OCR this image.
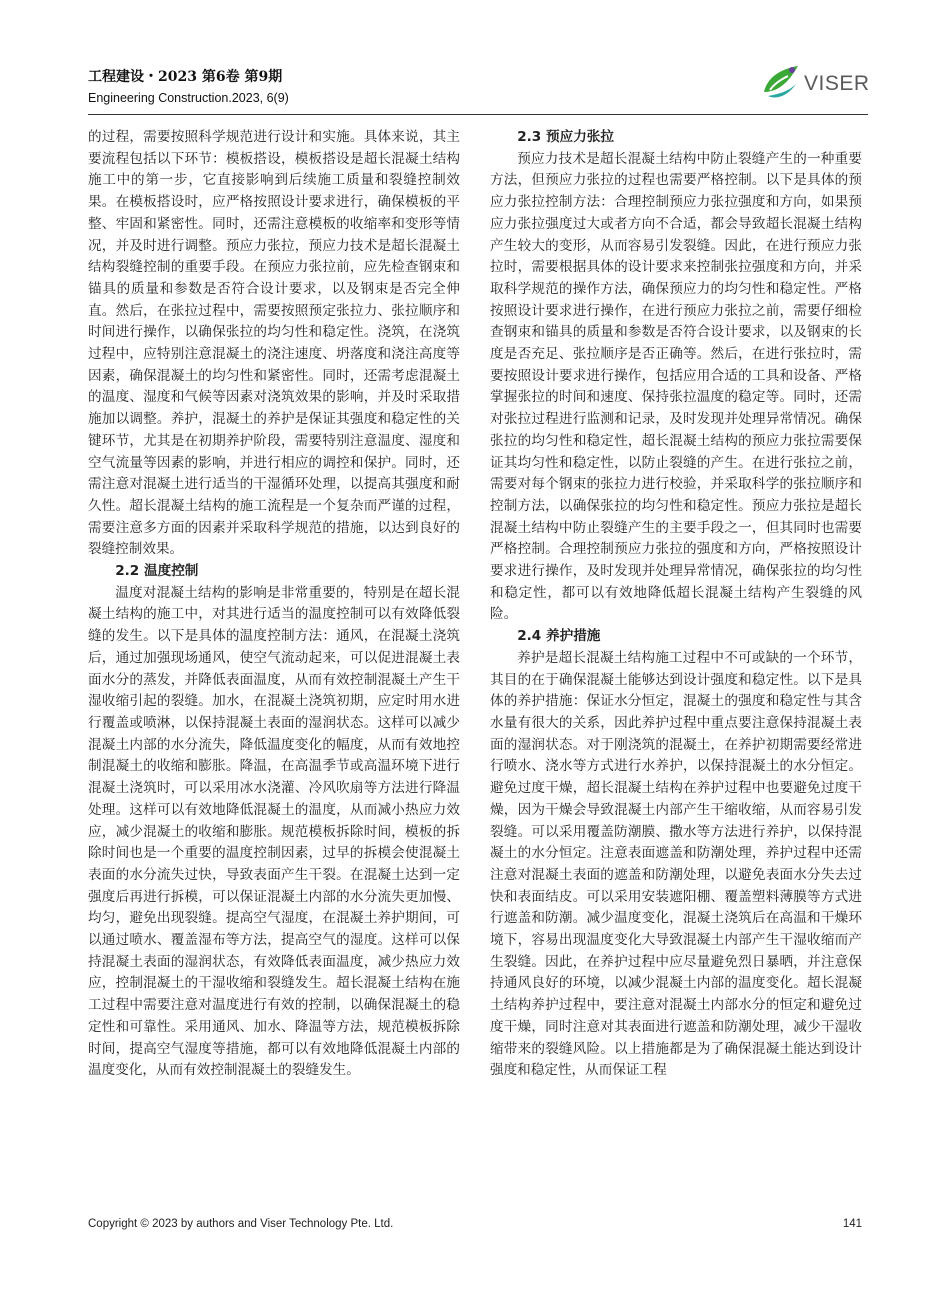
工程建设・2023 第6卷 第9期
Engineering Construction.2023, 6(9)
VISER

的过程，需要按照科学规范进行设计和实施。具体来说，其主要流程包括以下环节：模板搭设，模板搭设是超长混凝土结构施工中的第一步，它直接影响到后续施工质量和裂缝控制效果。在模板搭设时，应严格按照设计要求进行，确保模板的平整、牢固和紧密性。同时，还需注意模板的收缩率和变形等情况，并及时进行调整。预应力张拉，预应力技术是超长混凝土结构裂缝控制的重要手段。在预应力张拉前，应先检查钢束和锚具的质量和参数是否符合设计要求，以及钢束是否完全伸直。然后，在张拉过程中，需要按照预定张拉力、张拉顺序和时间进行操作，以确保张拉的均匀性和稳定性。浇筑，在浇筑过程中，应特别注意混凝土的浇注速度、坍落度和浇注高度等因素，确保混凝土的均匀性和紧密性。同时，还需考虑混凝土的温度、湿度和气候等因素对浇筑效果的影响，并及时采取措施加以调整。养护，混凝土的养护是保证其强度和稳定性的关键环节，尤其是在初期养护阶段，需要特别注意温度、湿度和空气流量等因素的影响，并进行相应的调控和保护。同时，还需注意对混凝土进行适当的干湿循环处理，以提高其强度和耐久性。超长混凝土结构的施工流程是一个复杂而严谨的过程，需要注意多方面的因素并采取科学规范的措施，以达到良好的裂缝控制效果。

2.2 温度控制

温度对混凝土结构的影响是非常重要的，特别是在超长混凝土结构的施工中，对其进行适当的温度控制可以有效降低裂缝的发生。以下是具体的温度控制方法：通风，在混凝土浇筑后，通过加强现场通风，使空气流动起来，可以促进混凝土表面水分的蒸发，并降低表面温度，从而有效控制混凝土产生干湿收缩引起的裂缝。加水，在混凝土浇筑初期，应定时用水进行覆盖或喷淋，以保持混凝土表面的湿润状态。这样可以减少混凝土内部的水分流失，降低温度变化的幅度，从而有效地控制混凝土的收缩和膨胀。降温，在高温季节或高温环境下进行混凝土浇筑时，可以采用冰水浇灌、冷风吹扇等方法进行降温处理。这样可以有效地降低混凝土的温度，从而减小热应力效应，减少混凝土的收缩和膨胀。规范模板拆除时间，模板的拆除时间也是一个重要的温度控制因素，过早的拆模会使混凝土表面的水分流失过快，导致表面产生干裂。在混凝土达到一定强度后再进行拆模，可以保证混凝土内部的水分流失更加慢、均匀，避免出现裂缝。提高空气湿度，在混凝土养护期间，可以通过喷水、覆盖湿布等方法，提高空气的湿度。这样可以保持混凝土表面的湿润状态，有效降低表面温度，减少热应力效应，控制混凝土的干湿收缩和裂缝发生。超长混凝土结构在施工过程中需要注意对温度进行有效的控制，以确保混凝土的稳定性和可靠性。采用通风、加水、降温等方法，规范模板拆除时间，提高空气湿度等措施，都可以有效地降低混凝土内部的温度变化，从而有效控制混凝土的裂缝发生。

2.3 预应力张拉

预应力技术是超长混凝土结构中防止裂缝产生的一种重要方法，但预应力张拉的过程也需要严格控制。以下是具体的预应力张拉控制方法：合理控制预应力张拉强度和方向，如果预应力张拉强度过大或者方向不合适，都会导致超长混凝土结构产生较大的变形，从而容易引发裂缝。因此，在进行预应力张拉时，需要根据具体的设计要求来控制张拉强度和方向，并采取科学规范的操作方法，确保预应力的均匀性和稳定性。严格按照设计要求进行操作，在进行预应力张拉之前，需要仔细检查钢束和锚具的质量和参数是否符合设计要求，以及钢束的长度是否充足、张拉顺序是否正确等。然后，在进行张拉时，需要按照设计要求进行操作，包括应用合适的工具和设备、严格掌握张拉的时间和速度、保持张拉温度的稳定等。同时，还需对张拉过程进行监测和记录，及时发现并处理异常情况。确保张拉的均匀性和稳定性，超长混凝土结构的预应力张拉需要保证其均匀性和稳定性，以防止裂缝的产生。在进行张拉之前，需要对每个钢束的张拉力进行校验，并采取科学的张拉顺序和控制方法，以确保张拉的均匀性和稳定性。预应力张拉是超长混凝土结构中防止裂缝产生的主要手段之一，但其同时也需要严格控制。合理控制预应力张拉的强度和方向，严格按照设计要求进行操作，及时发现并处理异常情况，确保张拉的均匀性和稳定性，都可以有效地降低超长混凝土结构产生裂缝的风险。

2.4 养护措施

养护是超长混凝土结构施工过程中不可或缺的一个环节，其目的在于确保混凝土能够达到设计强度和稳定性。以下是具体的养护措施：保证水分恒定，混凝土的强度和稳定性与其含水量有很大的关系，因此养护过程中重点要注意保持混凝土表面的湿润状态。对于刚浇筑的混凝土，在养护初期需要经常进行喷水、浇水等方式进行水养护，以保持混凝土的水分恒定。避免过度干燥，超长混凝土结构在养护过程中也要避免过度干燥，因为干燥会导致混凝土内部产生干缩收缩，从而容易引发裂缝。可以采用覆盖防潮膜、撒水等方法进行养护，以保持混凝土的水分恒定。注意表面遮盖和防潮处理，养护过程中还需注意对混凝土表面的遮盖和防潮处理，以避免表面水分失去过快和表面结皮。可以采用安装遮阳棚、覆盖塑料薄膜等方式进行遮盖和防潮。减少温度变化，混凝土浇筑后在高温和干燥环境下，容易出现温度变化大导致混凝土内部产生干湿收缩而产生裂缝。因此，在养护过程中应尽量避免烈日暴晒，并注意保持通风良好的环境，以减少混凝土内部的温度变化。超长混凝土结构养护过程中，要注意对混凝土内部水分的恒定和避免过度干燥，同时注意对其表面进行遮盖和防潮处理，减少干湿收缩带来的裂缝风险。以上措施都是为了确保混凝土能达到设计强度和稳定性，从而保证工程

Copyright © 2023 by authors and Viser Technology Pte. Ltd.	141
